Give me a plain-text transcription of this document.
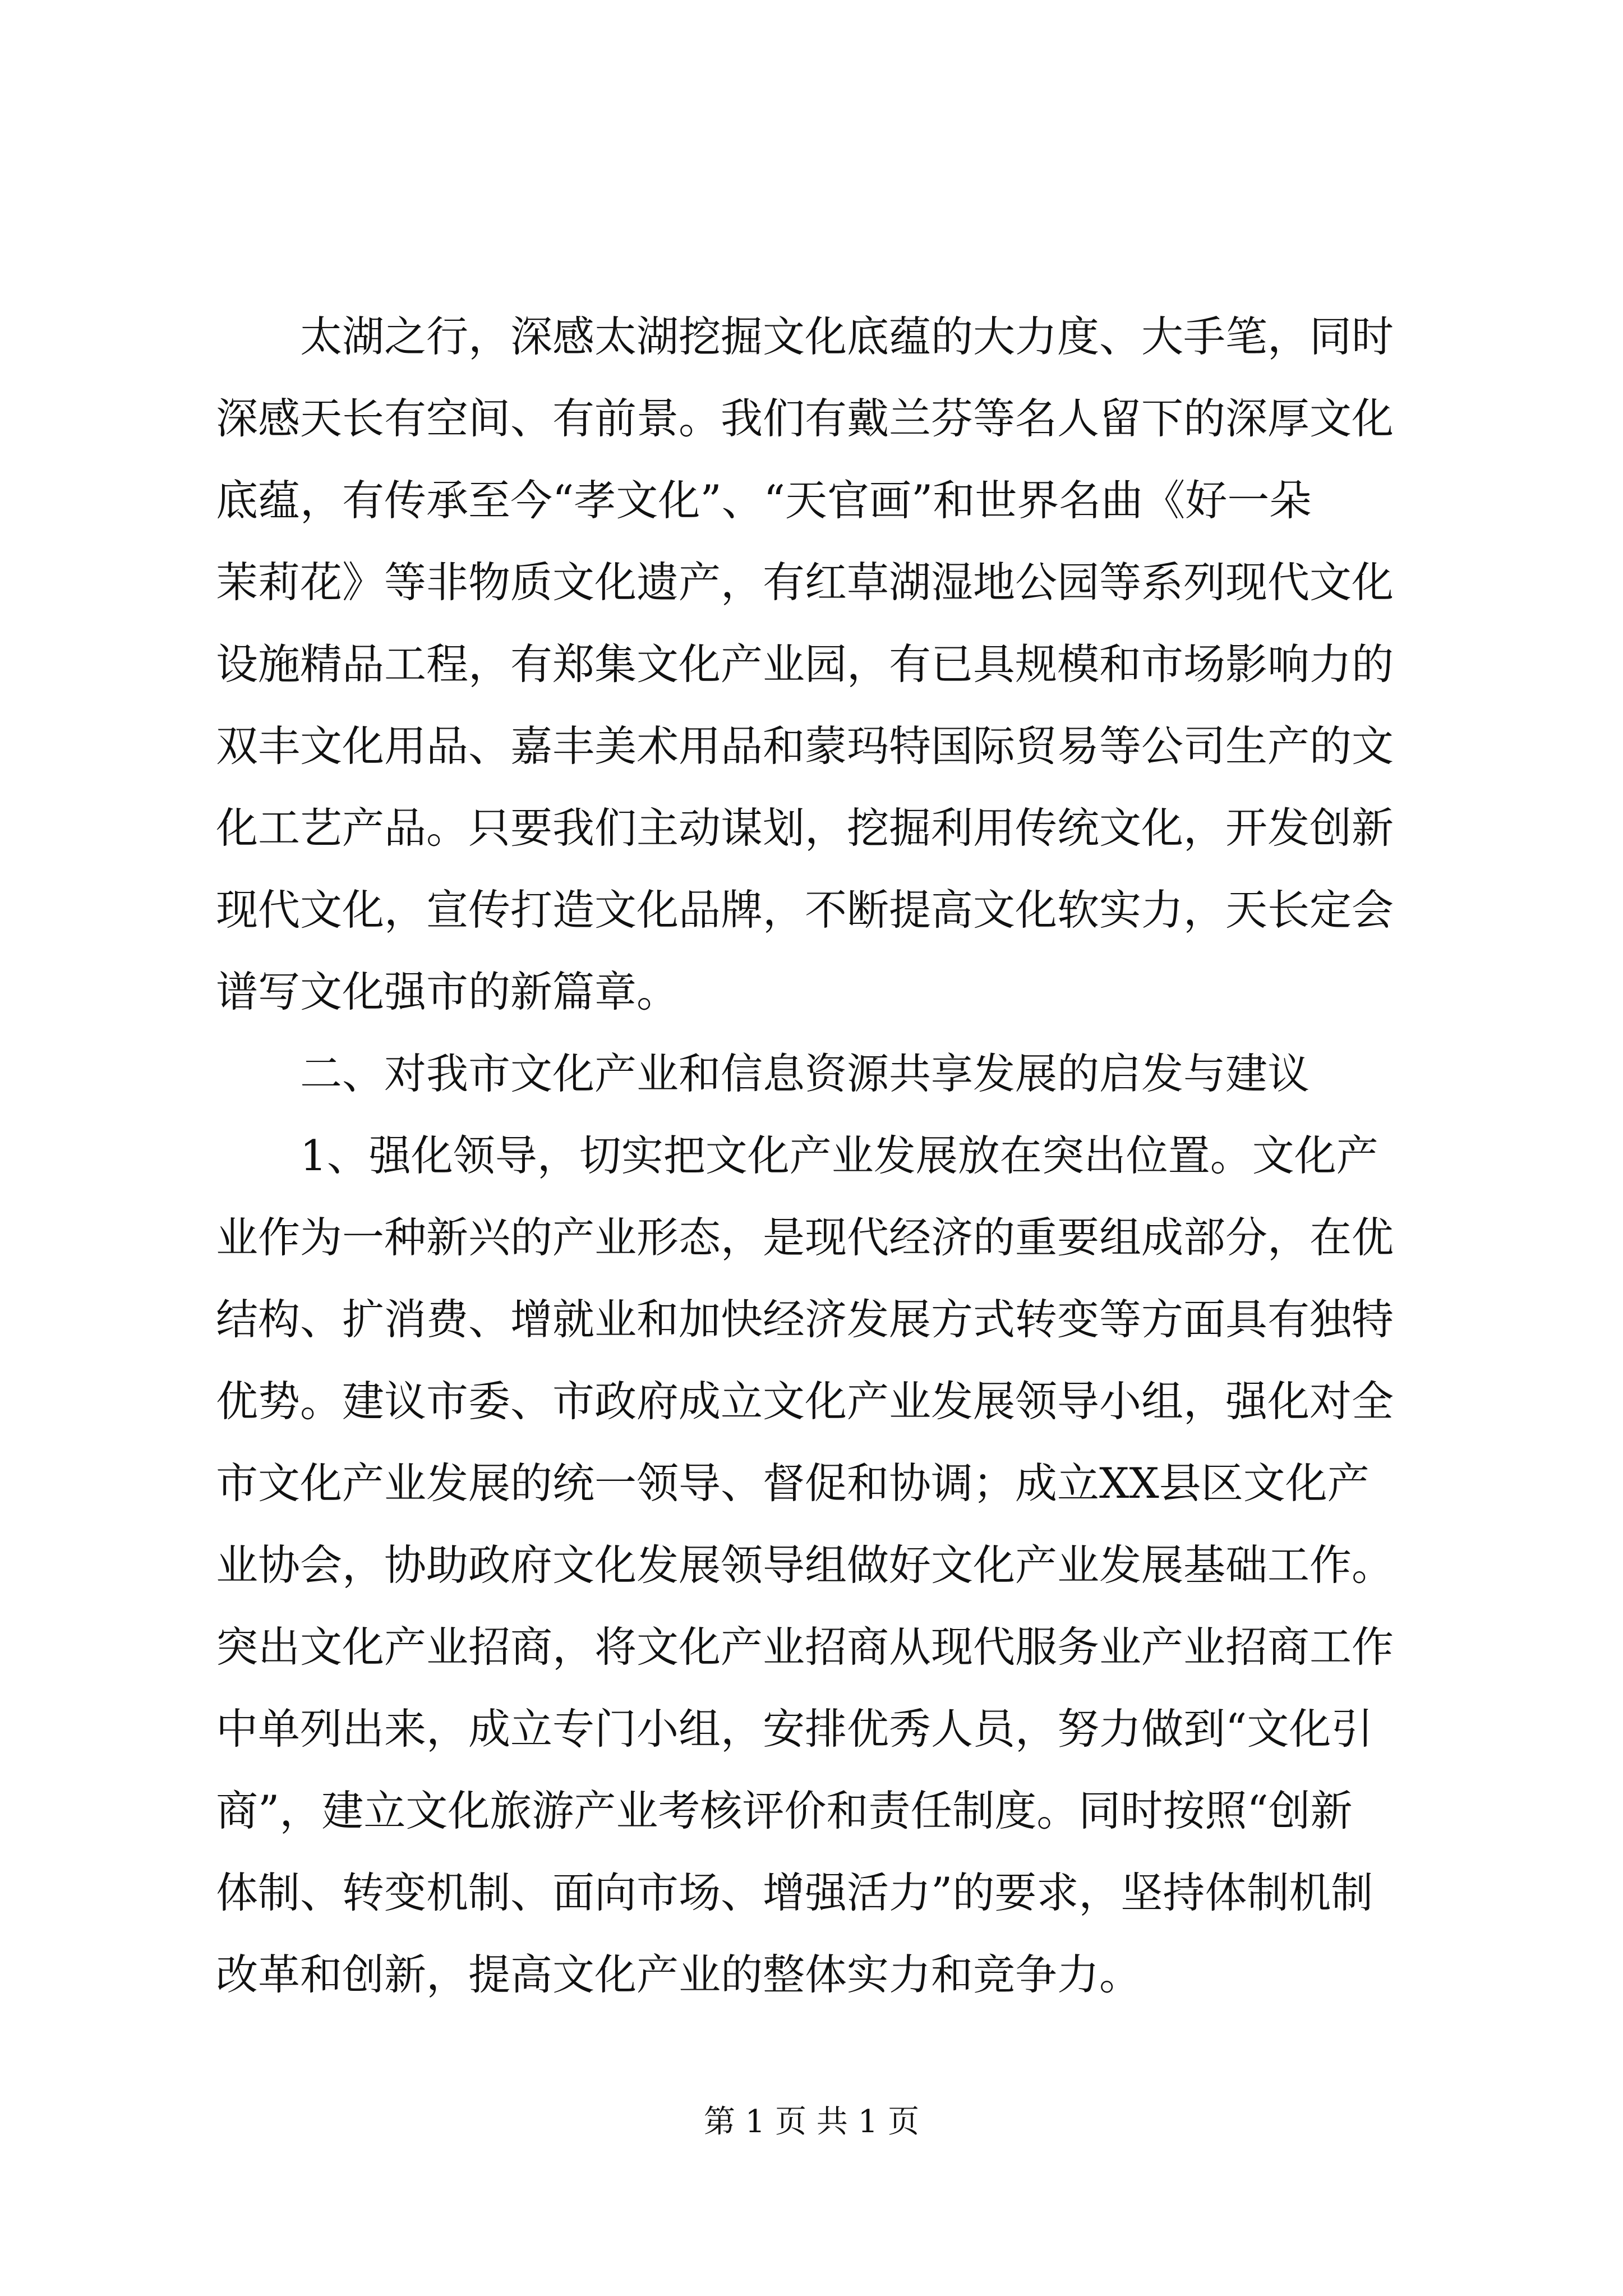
　　太湖之行，深感太湖挖掘文化底蕴的大力度、大手笔，同时
深感天长有空间、有前景。我们有戴兰芬等名人留下的深厚文化
底蕴，有传承至今“孝文化”、“天官画”和世界名曲《好一朵
茉莉花》等非物质文化遗产，有红草湖湿地公园等系列现代文化
设施精品工程，有郑集文化产业园，有已具规模和市场影响力的
双丰文化用品、嘉丰美术用品和蒙玛特国际贸易等公司生产的文
化工艺产品。只要我们主动谋划，挖掘利用传统文化，开发创新
现代文化，宣传打造文化品牌，不断提高文化软实力，天长定会
谱写文化强市的新篇章。
　　二、对我市文化产业和信息资源共享发展的启发与建议
　　1、强化领导，切实把文化产业发展放在突出位置。文化产
业作为一种新兴的产业形态，是现代经济的重要组成部分，在优
结构、扩消费、增就业和加快经济发展方式转变等方面具有独特
优势。建议市委、市政府成立文化产业发展领导小组，强化对全
市文化产业发展的统一领导、督促和协调；成立XX县区文化产
业协会，协助政府文化发展领导组做好文化产业发展基础工作。
突出文化产业招商，将文化产业招商从现代服务业产业招商工作
中单列出来，成立专门小组，安排优秀人员，努力做到“文化引
商”，建立文化旅游产业考核评价和责任制度。同时按照“创新
体制、转变机制、面向市场、增强活力”的要求，坚持体制机制
改革和创新，提高文化产业的整体实力和竞争力。
第 1 页 共 1 页
